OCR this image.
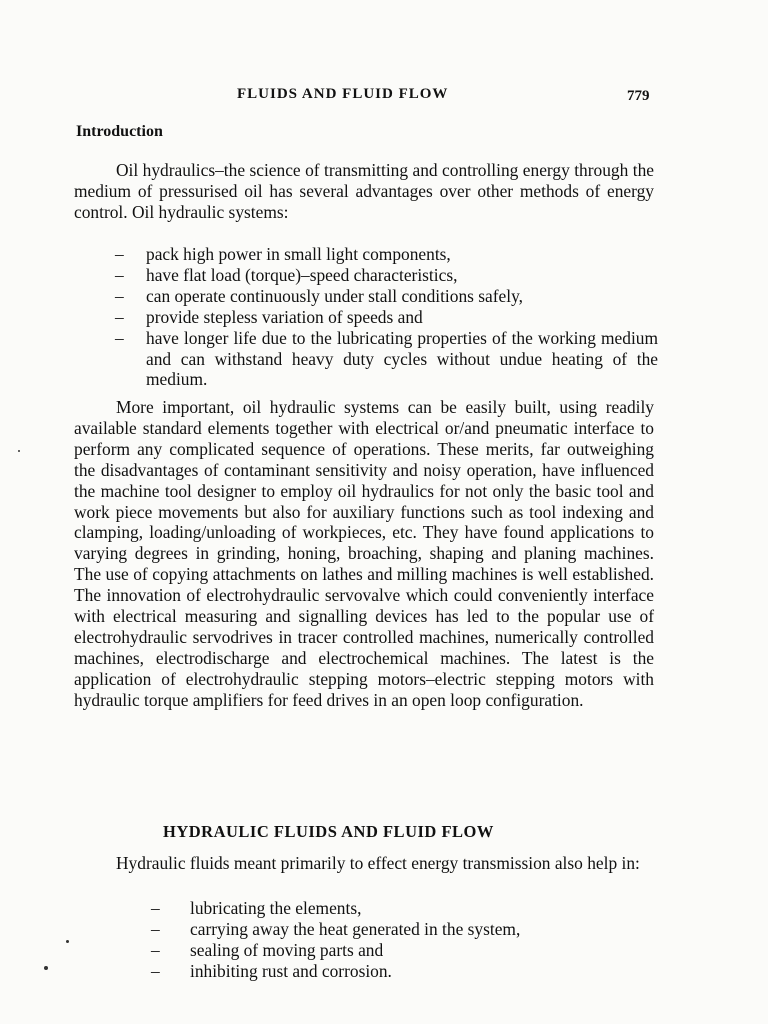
FLUIDS AND FLUID FLOW	779
Introduction

Oil hydraulics–the science of transmitting and controlling energy through the medium of pressurised oil has several advantages over other methods of energy control. Oil hydraulic systems:

– pack high power in small light components,
– have flat load (torque)–speed characteristics,
– can operate continuously under stall conditions safely,
– provide stepless variation of speeds and
– have longer life due to the lubricating properties of the working medium and can withstand heavy duty cycles without undue heating of the medium.

More important, oil hydraulic systems can be easily built, using readily available standard elements together with electrical or/and pneumatic interface to perform any complicated sequence of operations. These merits, far outweighing the disadvantages of contaminant sensitivity and noisy operation, have influenced the machine tool designer to employ oil hydraulics for not only the basic tool and work piece movements but also for auxiliary functions such as tool indexing and clamping, loading/unloading of workpieces, etc. They have found applications to varying degrees in grinding, honing, broaching, shaping and planing machines. The use of copying attachments on lathes and milling machines is well established. The innovation of electrohydraulic servovalve which could conveniently interface with electrical measuring and signalling devices has led to the popular use of electrohydraulic servodrives in tracer controlled machines, numerically controlled machines, electrodischarge and electrochemical machines. The latest is the application of electrohydraulic stepping motors–electric stepping motors with hydraulic torque amplifiers for feed drives in an open loop configuration.

HYDRAULIC FLUIDS AND FLUID FLOW

Hydraulic fluids meant primarily to effect energy transmission also help in:

– lubricating the elements,
– carrying away the heat generated in the system,
– sealing of moving parts and
– inhibiting rust and corrosion.
